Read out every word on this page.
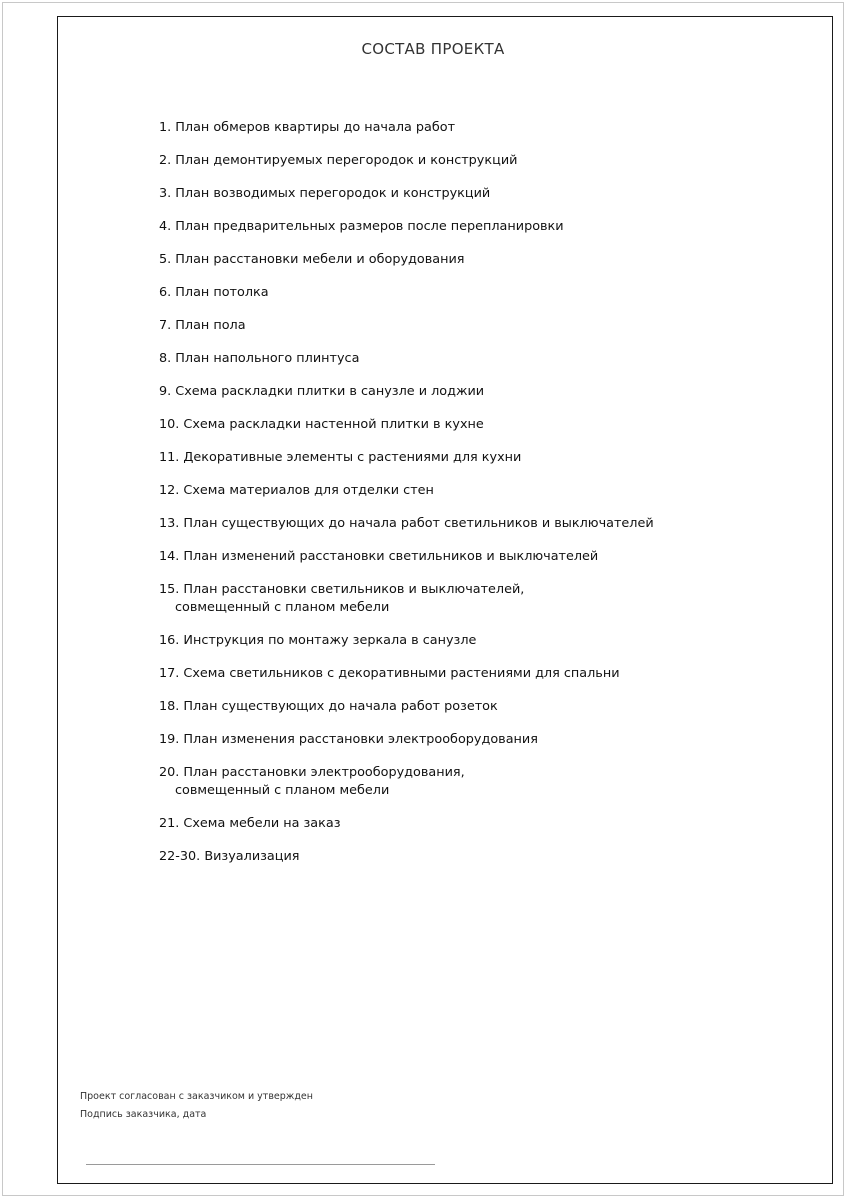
СОСТАВ ПРОЕКТА
1. План обмеров квартиры до начала работ
2. План демонтируемых перегородок и конструкций
3. План возводимых перегородок и конструкций
4. План предварительных размеров после перепланировки
5. План расстановки мебели и оборудования
6. План потолка
7. План пола
8. План напольного плинтуса
9. Схема раскладки плитки в санузле и лоджии
10. Схема раскладки настенной плитки в кухне
11. Декоративные элементы с растениями для кухни
12. Схема материалов для отделки стен
13. План существующих до начала работ светильников и выключателей
14. План изменений расстановки светильников и выключателей
15. План расстановки светильников и выключателей,
совмещенный с планом мебели
16. Инструкция по монтажу зеркала в санузле
17. Схема светильников с декоративными растениями для спальни
18. План существующих до начала работ розеток
19. План изменения расстановки электрооборудования
20. План расстановки электрооборудования,
совмещенный с планом мебели
21. Схема мебели на заказ
22-30. Визуализация
Проект согласован с заказчиком и утвержден
Подпись заказчика, дата
